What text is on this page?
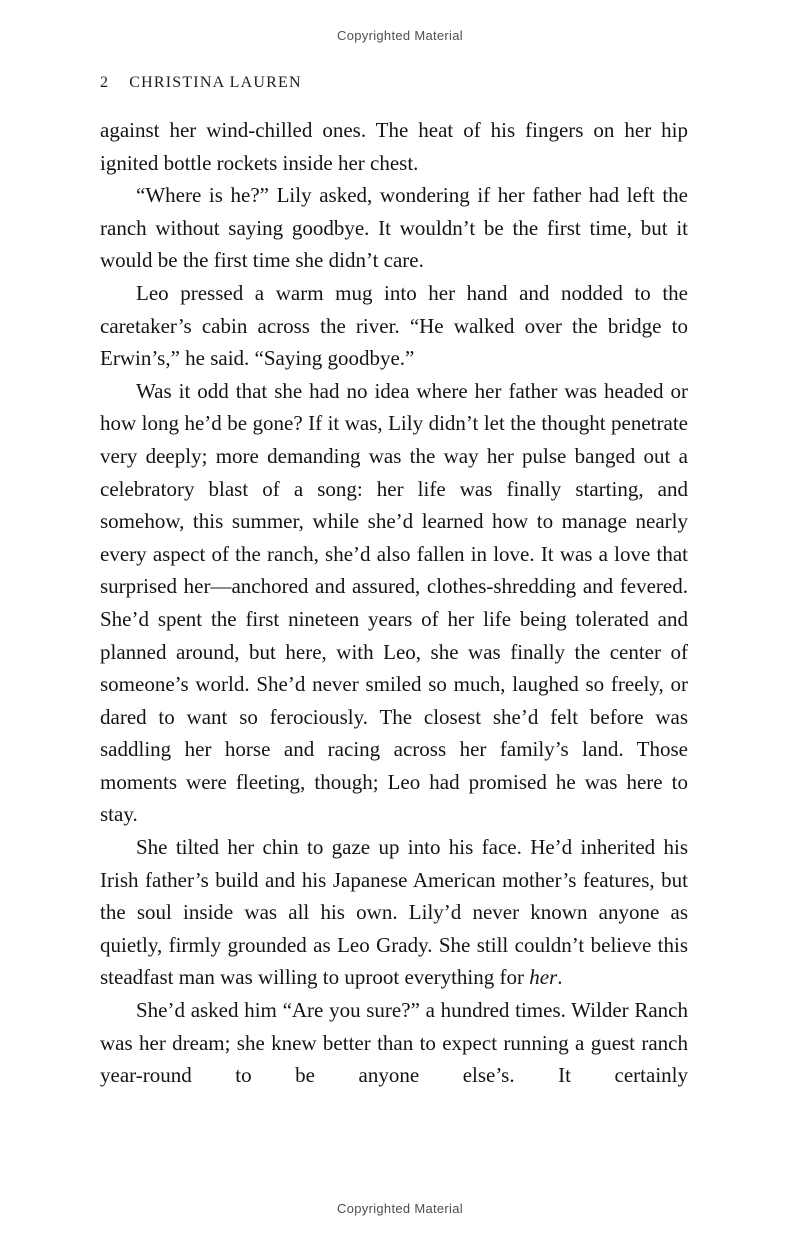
Copyrighted Material
2 CHRISTINA LAUREN

against her wind-chilled ones. The heat of his fingers on her hip ignited bottle rockets inside her chest.

“Where is he?” Lily asked, wondering if her father had left the ranch without saying goodbye. It wouldn’t be the first time, but it would be the first time she didn’t care.

Leo pressed a warm mug into her hand and nodded to the caretaker’s cabin across the river. “He walked over the bridge to Erwin’s,” he said. “Saying goodbye.”

Was it odd that she had no idea where her father was headed or how long he’d be gone? If it was, Lily didn’t let the thought penetrate very deeply; more demanding was the way her pulse banged out a celebratory blast of a song: her life was finally starting, and somehow, this summer, while she’d learned how to manage nearly every aspect of the ranch, she’d also fallen in love. It was a love that surprised her—anchored and assured, clothes-shredding and fevered. She’d spent the first nineteen years of her life being tolerated and planned around, but here, with Leo, she was finally the center of someone’s world. She’d never smiled so much, laughed so freely, or dared to want so ferociously. The closest she’d felt before was saddling her horse and racing across her family’s land. Those moments were fleeting, though; Leo had promised he was here to stay.

She tilted her chin to gaze up into his face. He’d inherited his Irish father’s build and his Japanese American mother’s features, but the soul inside was all his own. Lily’d never known anyone as quietly, firmly grounded as Leo Grady. She still couldn’t believe this steadfast man was willing to uproot everything for her.

She’d asked him “Are you sure?” a hundred times. Wilder Ranch was her dream; she knew better than to expect running a guest ranch year-round to be anyone else’s. It certainly

Copyrighted Material
